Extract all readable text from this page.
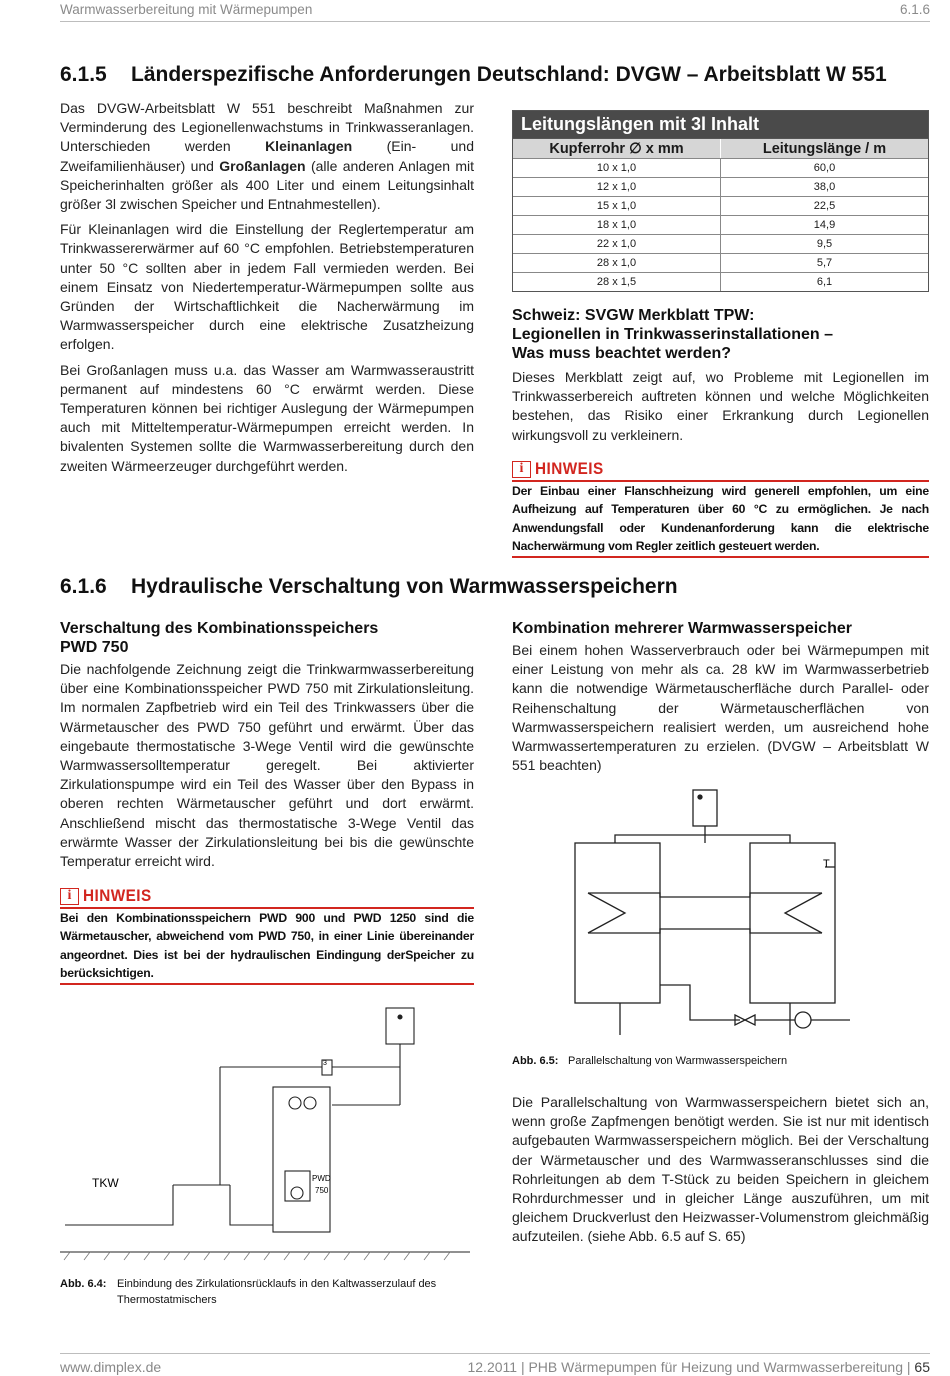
Warmwasserbereitung mit Wärmepumpen	6.1.6
6.1.5 Länderspezifische Anforderungen Deutschland: DVGW – Arbeitsblatt W 551

Das DVGW-Arbeitsblatt W 551 beschreibt Maßnahmen zur Verminderung des Legionellenwachstums in Trinkwasseranlagen. Unterschieden werden Kleinanlagen (Ein- und Zweifamilienhäuser) und Großanlagen (alle anderen Anlagen mit Speicherinhalten größer als 400 Liter und einem Leitungsinhalt größer 3l zwischen Speicher und Entnahmestellen).

Für Kleinanlagen wird die Einstellung der Reglertemperatur am Trinkwassererwärmer auf 60 °C empfohlen. Betriebstemperaturen unter 50 °C sollten aber in jedem Fall vermieden werden. Bei einem Einsatz von Niedertemperatur-Wärmepumpen sollte aus Gründen der Wirtschaftlichkeit die Nacherwärmung im Warmwasserspeicher durch eine elektrische Zusatzheizung erfolgen.

Bei Großanlagen muss u.a. das Wasser am Warmwasseraustritt permanent auf mindestens 60 °C erwärmt werden. Diese Temperaturen können bei richtiger Auslegung der Wärmepumpen auch mit Mitteltemperatur-Wärmepumpen erreicht werden. In bivalenten Systemen sollte die Warmwasserbereitung durch den zweiten Wärmeerzeuger durchgeführt werden.

Leitungslängen mit 3l Inhalt
Kupferrohr ∅ x mm	Leitungslänge / m
10 x 1,0	60,0
12 x 1,0	38,0
15 x 1,0	22,5
18 x 1,0	14,9
22 x 1,0	9,5
28 x 1,0	5,7
28 x 1,5	6,1
Schweiz: SVGW Merkblatt TPW:
Legionellen in Trinkwasserinstallationen –
Was muss beachtet werden?

Dieses Merkblatt zeigt auf, wo Probleme mit Legionellen im Trinkwasserbereich auftreten können und welche Möglichkeiten bestehen, das Risiko einer Erkrankung durch Legionellen wirkungsvoll zu verkleinern.

i HINWEIS

Der Einbau einer Flanschheizung wird generell empfohlen, um eine Aufheizung auf Temperaturen über 60 °C zu ermöglichen. Je nach Anwendungsfall oder Kundenanforderung kann die elektrische Nacherwärmung vom Regler zeitlich gesteuert werden.

6.1.6 Hydraulische Verschaltung von Warmwasserspeichern
Verschaltung des Kombinationsspeichers
PWD 750

Die nachfolgende Zeichnung zeigt die Trinkwarmwasserbereitung über eine Kombinationsspeicher PWD 750 mit Zirkulationsleitung. Im normalen Zapfbetrieb wird ein Teil des Trinkwassers über die Wärmetauscher des PWD 750 geführt und erwärmt. Über das eingebaute thermostatische 3-Wege Ventil wird die gewünschte Warmwassersolltemperatur geregelt. Bei aktivierter Zirkulationspumpe wird ein Teil des Wasser über den Bypass in oberen rechten Wärmetauscher geführt und dort erwärmt. Anschließend mischt das thermostatische 3-Wege Ventil das erwärmte Wasser der Zirkulationsleitung bei bis die gewünschte Temperatur erreicht wird.

i HINWEIS

Bei den Kombinationsspeichern PWD 900 und PWD 1250 sind die Wärmetauscher, abweichend vom PWD 750, in einer Linie übereinander angeordnet. Dies ist bei der hydraulischen Eindingung derSpeicher zu berücksichtigen.

Kombination mehrerer Warmwasserspeicher

Bei einem hohen Wasserverbrauch oder bei Wärmepumpen mit einer Leistung von mehr als ca. 28 kW im Warmwasserbetrieb kann die notwendige Wärmetauscherfläche durch Parallel- oder Reihenschaltung der Wärmetauscherflächen von Warmwasserspeichern realisiert werden, um ausreichend hohe Warmwassertemperaturen zu erzielen. (DVGW – Arbeitsblatt W 551 beachten)

T
Abb. 6.5: Parallelschaltung von Warmwasserspeichern

Die Parallelschaltung von Warmwasserspeichern bietet sich an, wenn große Zapfmengen benötigt werden. Sie ist nur mit identisch aufgebauten Warmwasserspeichern möglich. Bei der Verschaltung der Wärmetauscher und des Warmwasseranschlusses sind die Rohrleitungen ab dem T-Stück zu beiden Speichern in gleichem Rohrdurchmesser und in gleicher Länge auszuführen, um mit gleichem Druckverlust den Heizwasser-Volumenstrom gleichmäßig aufzuteilen. (siehe Abb. 6.5 auf S. 65)

TKW	PWD
750
3
Abb. 6.4: Einbindung des Zirkulationsrücklaufs in den Kaltwasserzulauf des
Thermostatmischers
www.dimplex.de	12.2011 | PHB Wärmepumpen für Heizung und Warmwasserbereitung | 65
